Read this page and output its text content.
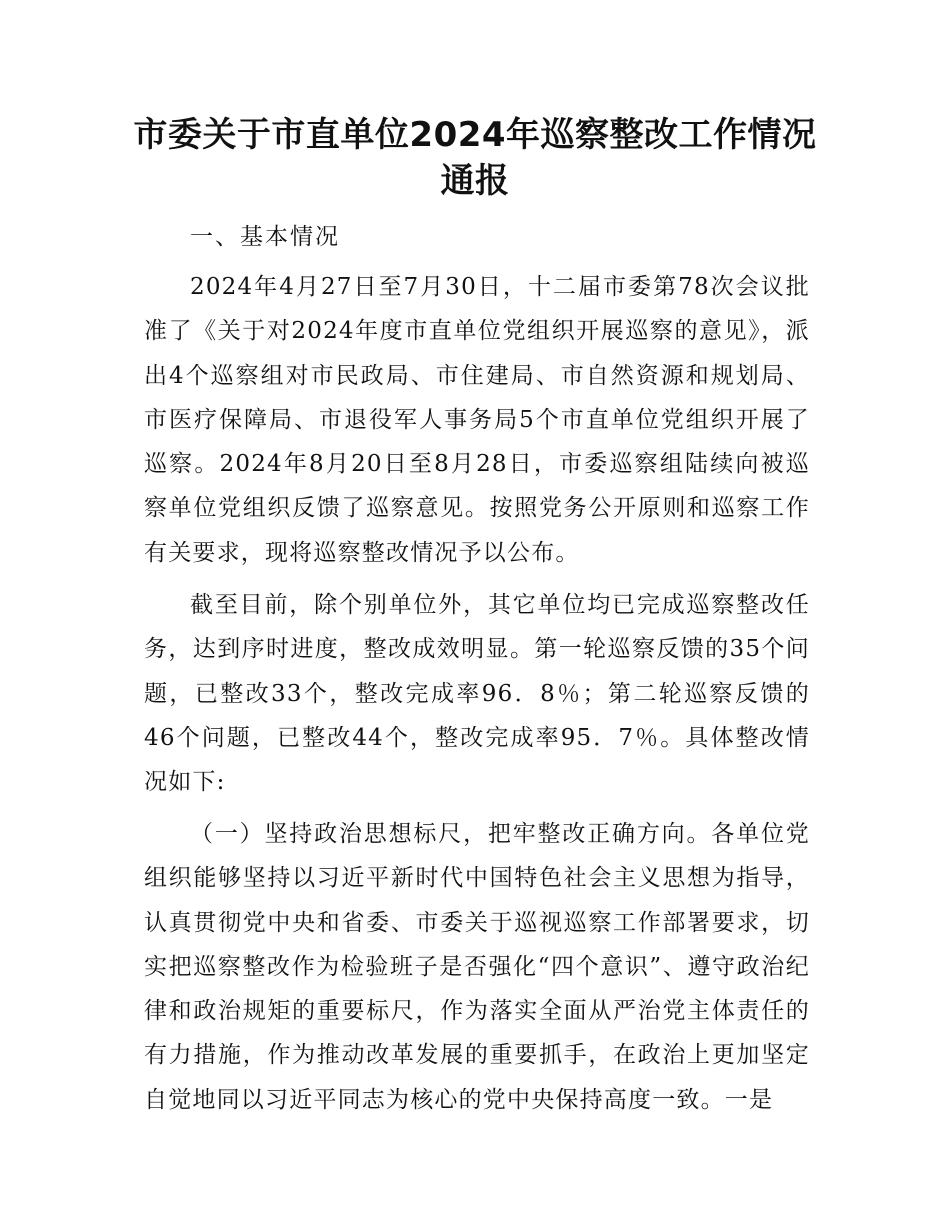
市委关于市直单位2024年巡察整改工作情况通报
一、基本情况

2024年4月27日至7月30日，十二届市委第78次会议批准了《关于对2024年度市直单位党组织开展巡察的意见》，派出4个巡察组对市民政局、市住建局、市自然资源和规划局、市医疗保障局、市退役军人事务局5个市直单位党组织开展了巡察。2024年8月20日至8月28日，市委巡察组陆续向被巡察单位党组织反馈了巡察意见。按照党务公开原则和巡察工作有关要求，现将巡察整改情况予以公布。

截至目前，除个别单位外，其它单位均已完成巡察整改任务，达到序时进度，整改成效明显。第一轮巡察反馈的35个问题，已整改33个，整改完成率96．8％；第二轮巡察反馈的46个问题，已整改44个，整改完成率95．7％。具体整改情况如下:

（一）坚持政治思想标尺，把牢整改正确方向。各单位党组织能够坚持以习近平新时代中国特色社会主义思想为指导，认真贯彻党中央和省委、市委关于巡视巡察工作部署要求，切实把巡察整改作为检验班子是否强化“四个意识”、遵守政治纪律和政治规矩的重要标尺，作为落实全面从严治党主体责任的有力措施，作为推动改革发展的重要抓手，在政治上更加坚定自觉地同以习近平同志为核心的党中央保持高度一致。一是
